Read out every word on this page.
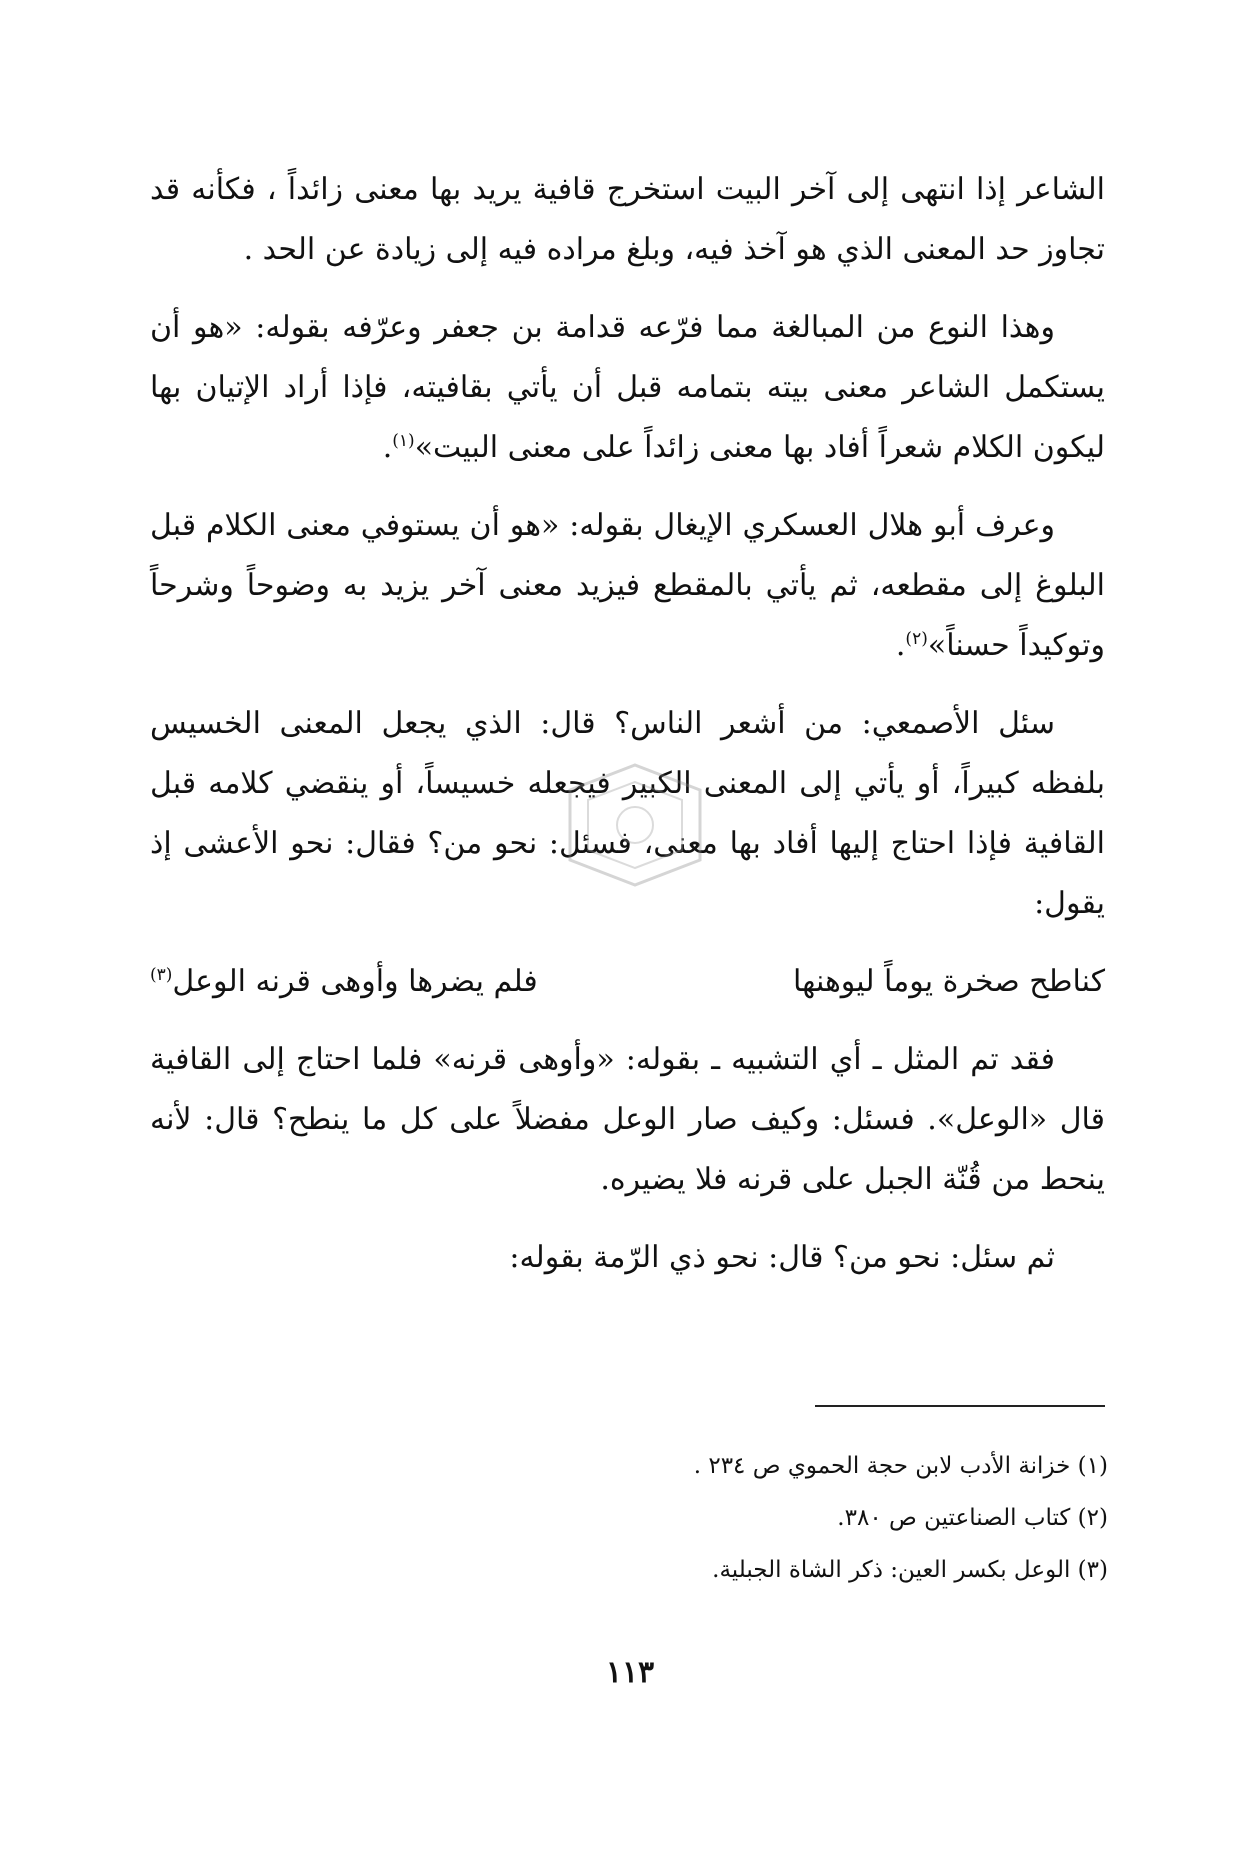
الشاعر إذا انتهى إلى آخر البيت استخرج قافية يريد بها معنى زائداً ، فكأنه قد تجاوز حد المعنى الذي هو آخذ فيه، وبلغ مراده فيه إلى زيادة عن الحد .

وهذا النوع من المبالغة مما فرّعه قدامة بن جعفر وعرّفه بقوله: «هو أن يستكمل الشاعر معنى بيته بتمامه قبل أن يأتي بقافيته، فإذا أراد الإتيان بها ليكون الكلام شعراً أفاد بها معنى زائداً على معنى البيت»$^{(١)}$.

وعرف أبو هلال العسكري الإيغال بقوله: «هو أن يستوفي معنى الكلام قبل البلوغ إلى مقطعه، ثم يأتي بالمقطع فيزيد معنى آخر يزيد به وضوحاً وشرحاً وتوكيداً حسناً»$^{(٢)}$.

سئل الأصمعي: من أشعر الناس؟ قال: الذي يجعل المعنى الخسيس بلفظه كبيراً، أو يأتي إلى المعنى الكبير فيجعله خسيساً، أو ينقضي كلامه قبل القافية فإذا احتاج إليها أفاد بها معنى، فسئل: نحو من؟ فقال: نحو الأعشى إذ يقول:

كناطح صخرة يوماً ليوهنها
فلم يضرها وأوهى قرنه الوعل$^{(٣)}$

فقد تم المثل ـ أي التشبيه ـ بقوله: «وأوهى قرنه» فلما احتاج إلى القافية قال «الوعل». فسئل: وكيف صار الوعل مفضلاً على كل ما ينطح؟ قال: لأنه ينحط من قُنّة الجبل على قرنه فلا يضيره.

ثم سئل: نحو من؟ قال: نحو ذي الرّمة بقوله:

(١) خزانة الأدب لابن حجة الحموي ص ٢٣٤ .
(٢) كتاب الصناعتين ص ٣٨٠.
(٣) الوعل بكسر العين: ذكر الشاة الجبلية.
١١٣
